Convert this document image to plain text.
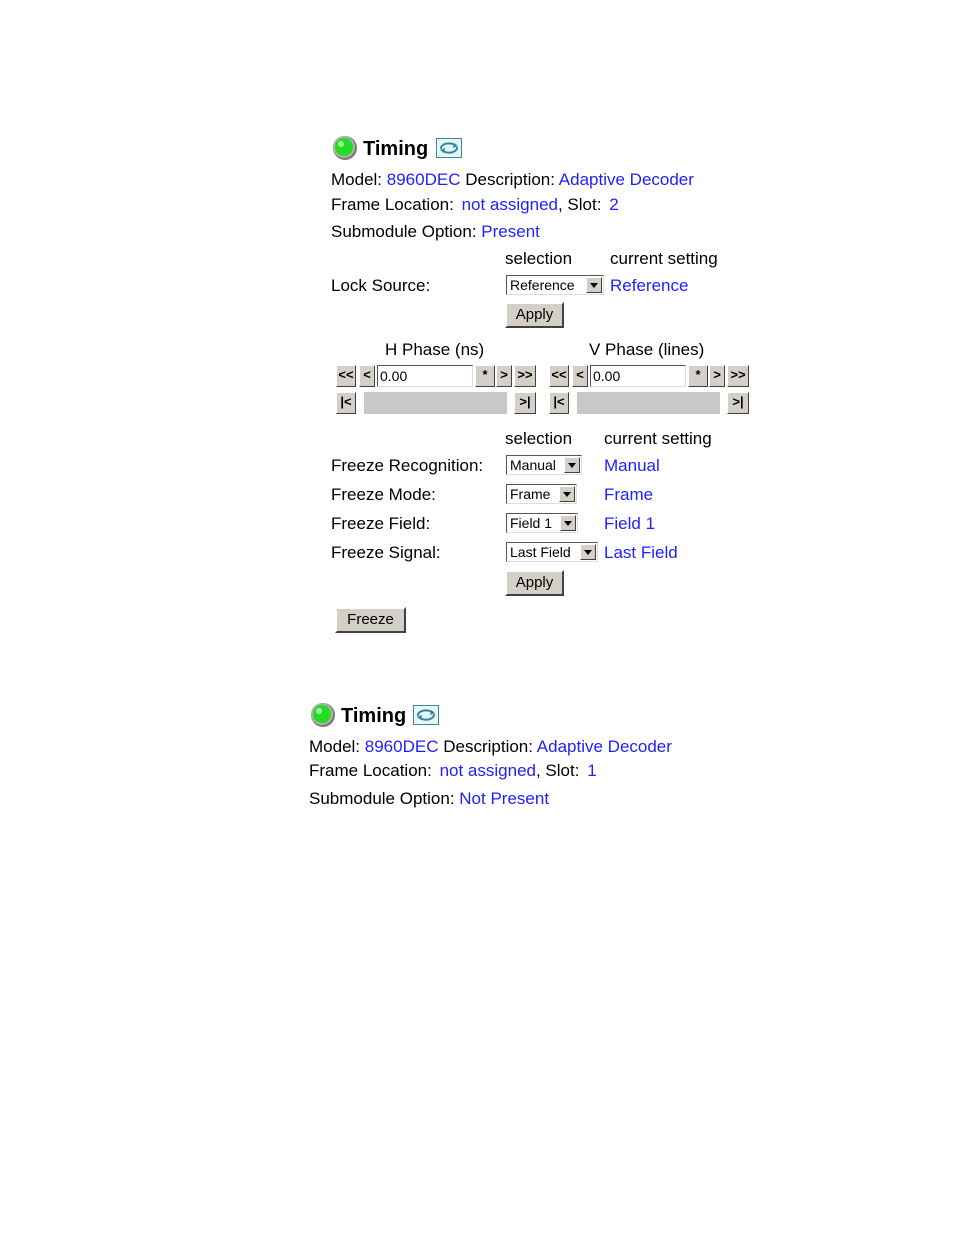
Timing
Model: 8960DEC Description: Adaptive Decoder
Frame Location: not assigned, Slot: 2
Submodule Option: Present
selection current setting
Lock Source:	Reference	Reference
Apply
H Phase (ns)	V Phase (lines)
<< < 0.00	* > >>
|<	>|
<< < 0.00	* > >>
|<	>|
selection current setting
Freeze Recognition: Manual	Manual
Freeze Mode:	Frame	Frame
Freeze Field:	Field 1	Field 1
Freeze Signal:	Last Field	Last Field
Apply
Freeze
Timing
Model: 8960DEC Description: Adaptive Decoder
Frame Location: not assigned, Slot: 1
Submodule Option: Not Present
